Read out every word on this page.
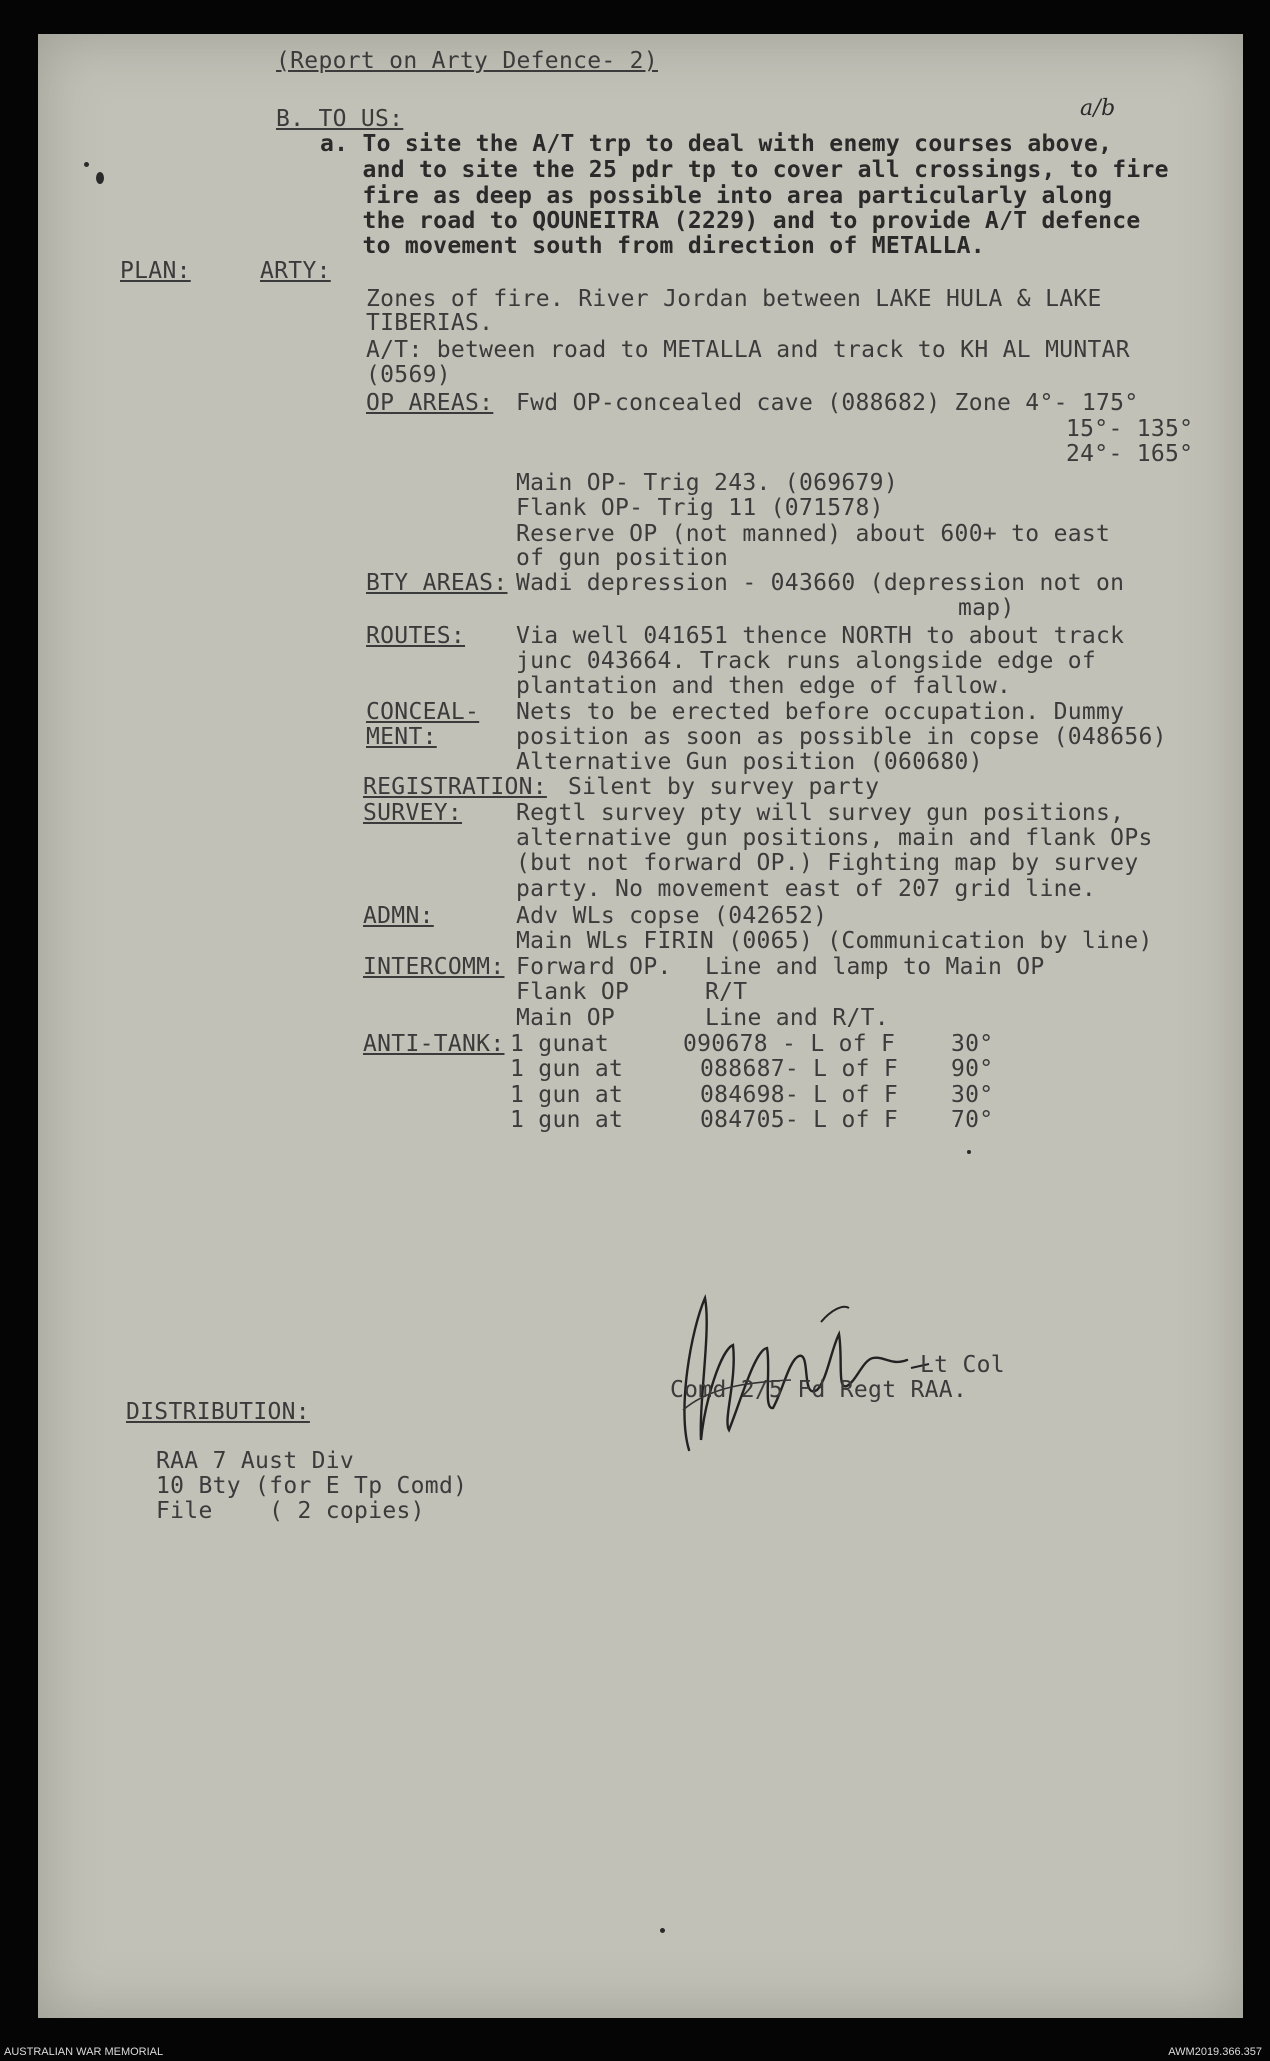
(Report on Arty Defence- 2)
a/b
B. TO US:
a. To site the A/T trp to deal with enemy courses above,
and to site the 25 pdr tp to cover all crossings, to fire
fire as deep as possible into area particularly along
the road to QOUNEITRA (2229) and to provide A/T defence
to movement south from direction of METALLA.
PLAN:	ARTY:
Zones of fire. River Jordan between LAKE HULA & LAKE
TIBERIAS.
A/T: between road to METALLA and track to KH AL MUNTAR
(0569)
OP AREAS: Fwd OP-concealed cave (088682) Zone 4°- 175°
15°- 135°
24°- 165°
Main OP- Trig 243. (069679)
Flank OP- Trig 11 (071578)
Reserve OP (not manned) about 600+ to east
of gun position
BTY AREAS: Wadi depression - 043660 (depression not on
map)
ROUTES: Via well 041651 thence NORTH to about track
junc 043664. Track runs alongside edge of
plantation and then edge of fallow.
CONCEAL-
MENT:
Nets to be erected before occupation. Dummy
position as soon as possible in copse (048656)
Alternative Gun position (060680)
REGISTRATION: Silent by survey party
SURVEY: Regtl survey pty will survey gun positions,
alternative gun positions, main and flank OPs
(but not forward OP.) Fighting map by survey
party. No movement east of 207 grid line.
ADMN:	Adv WLs copse (042652)
Main WLs FIRIN (0065) (Communication by line)
INTERCOMM: Forward OP. Line and lamp to Main OP
Flank OP	R/T
Main OP	Line and R/T.
ANTI-TANK: 1 gunat	090678 - L of F 30°
1 gun at	088687- L of F 90°
1 gun at	084698- L of F 30°
1 gun at	084705- L of F 70°
Lt Col
Comd 2/5 Fd Regt RAA.
DISTRIBUTION:
RAA 7 Aust Div
10 Bty (for E Tp Comd)
File    ( 2 copies)
AUSTRALIAN WAR MEMORIAL	AWM2019.366.357
